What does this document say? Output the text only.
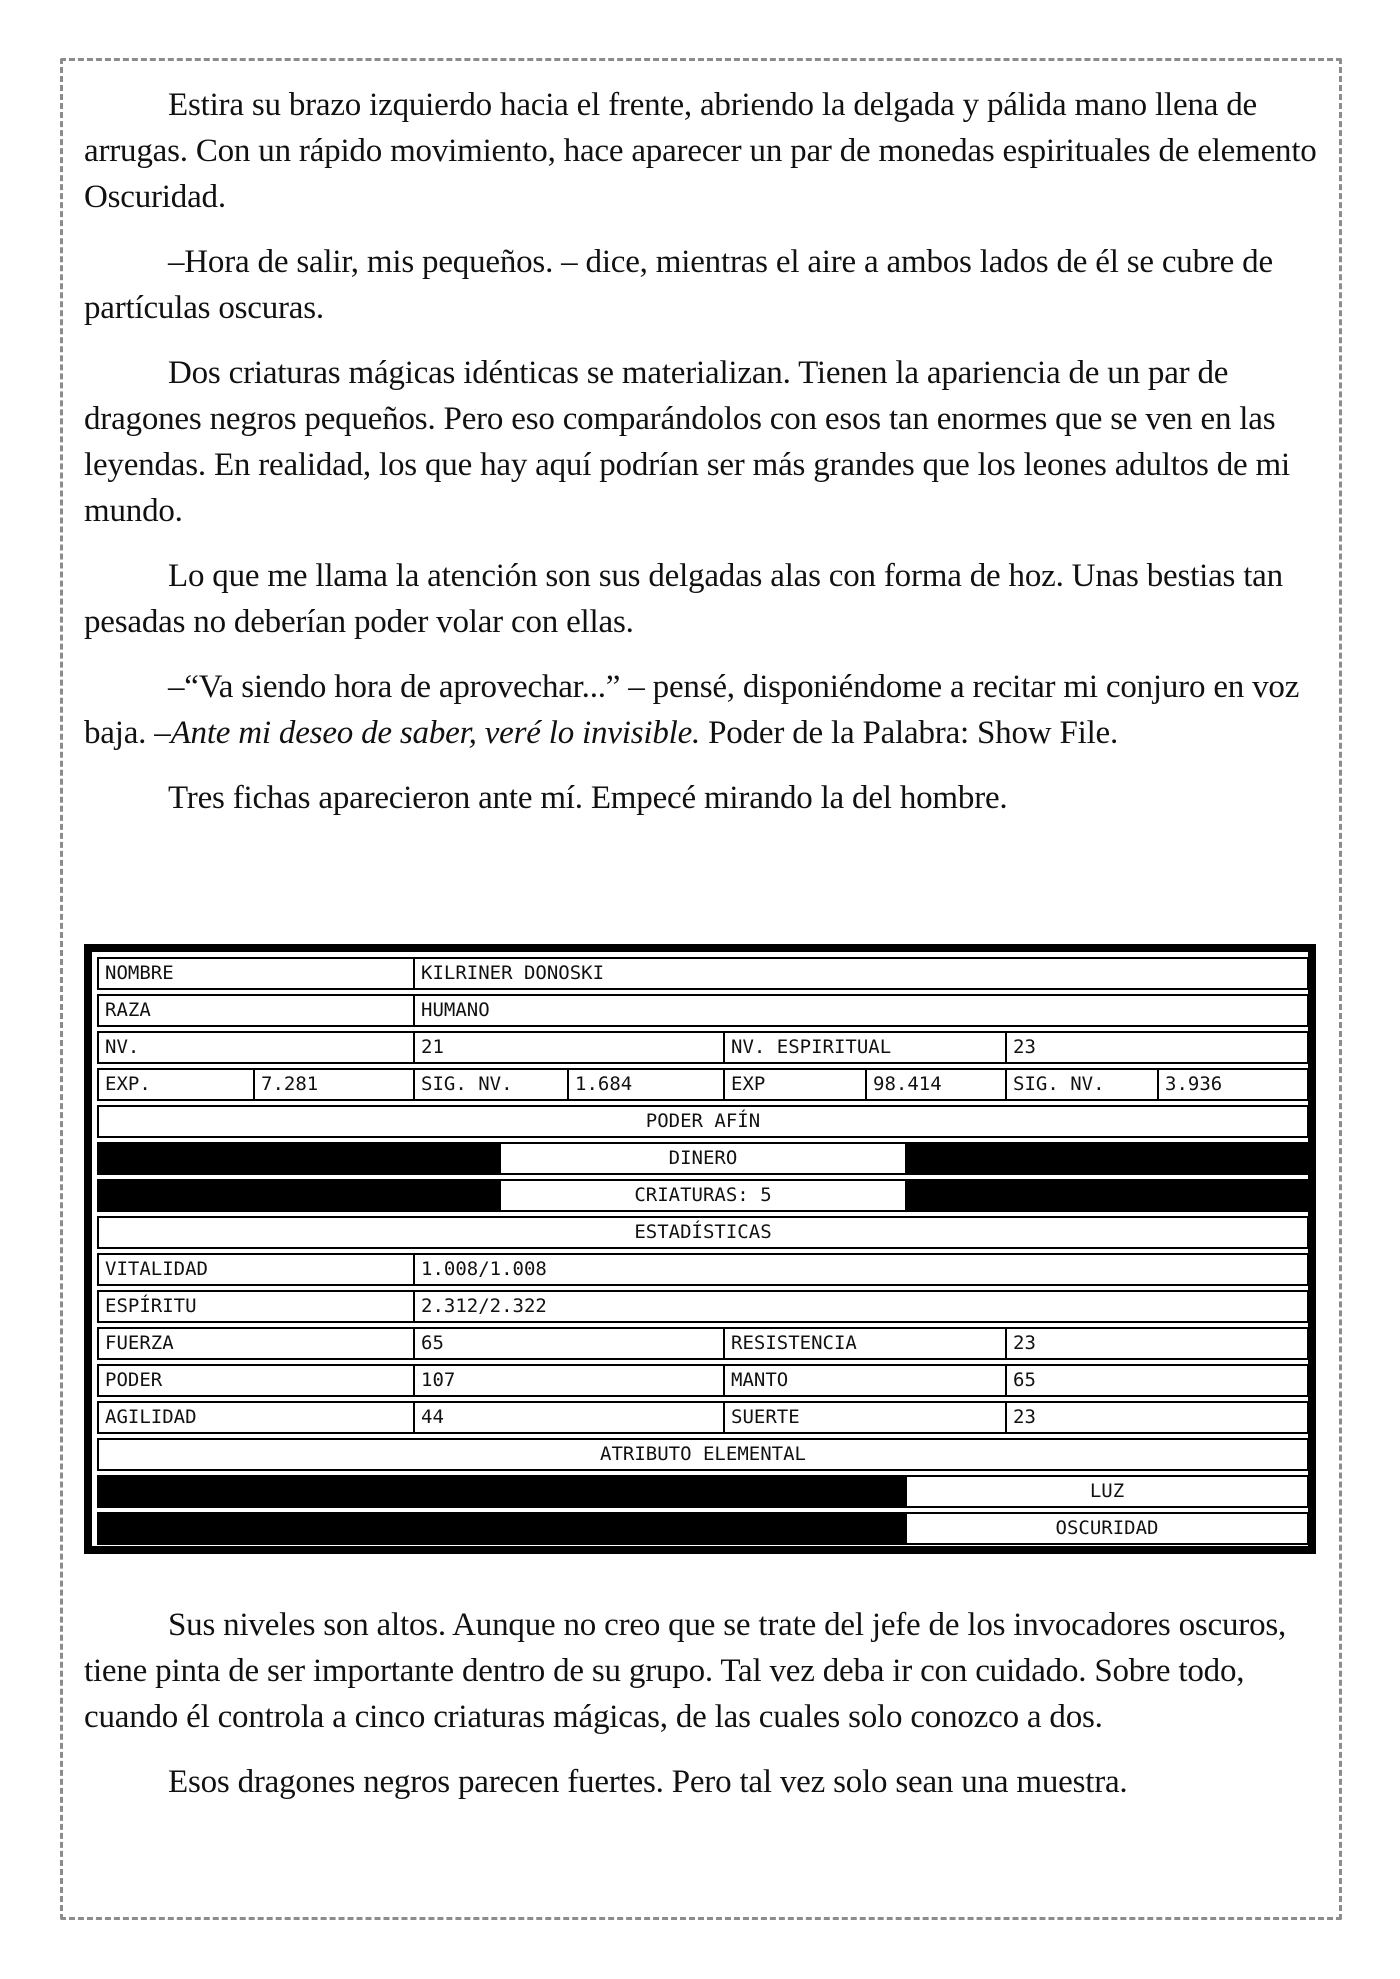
Estira su brazo izquierdo hacia el frente, abriendo la delgada y pálida mano llena de arrugas. Con un rápido movimiento, hace aparecer un par de monedas espirituales de elemento Oscuridad.

–Hora de salir, mis pequeños. – dice, mientras el aire a ambos lados de él se cubre de partículas oscuras.

Dos criaturas mágicas idénticas se materializan. Tienen la apariencia de un par de dragones negros pequeños. Pero eso comparándolos con esos tan enormes que se ven en las leyendas. En realidad, los que hay aquí podrían ser más grandes que los leones adultos de mi mundo.

Lo que me llama la atención son sus delgadas alas con forma de hoz. Unas bestias tan pesadas no deberían poder volar con ellas.

–“Va siendo hora de aprovechar...” – pensé, disponiéndome a recitar mi conjuro en voz baja. –Ante mi deseo de saber, veré lo invisible. Poder de la Palabra: Show File.

Tres fichas aparecieron ante mí. Empecé mirando la del hombre.

NOMBRE	KILRINER DONOSKI
RAZA	HUMANO
NV.	21	NV. ESPIRITUAL	23
EXP.	7.281	SIG. NV.	1.684	EXP	98.414	SIG. NV.	3.936
PODER AFÍN
DINERO
CRIATURAS: 5
ESTADÍSTICAS
VITALIDAD	1.008/1.008
ESPÍRITU	2.312/2.322
FUERZA	65	RESISTENCIA	23
PODER	107	MANTO	65
AGILIDAD	44	SUERTE	23
ATRIBUTO ELEMENTAL
LUZ
OSCURIDAD

Sus niveles son altos. Aunque no creo que se trate del jefe de los invocadores oscuros, tiene pinta de ser importante dentro de su grupo. Tal vez deba ir con cuidado. Sobre todo, cuando él controla a cinco criaturas mágicas, de las cuales solo conozco a dos.

Esos dragones negros parecen fuertes. Pero tal vez solo sean una muestra.
